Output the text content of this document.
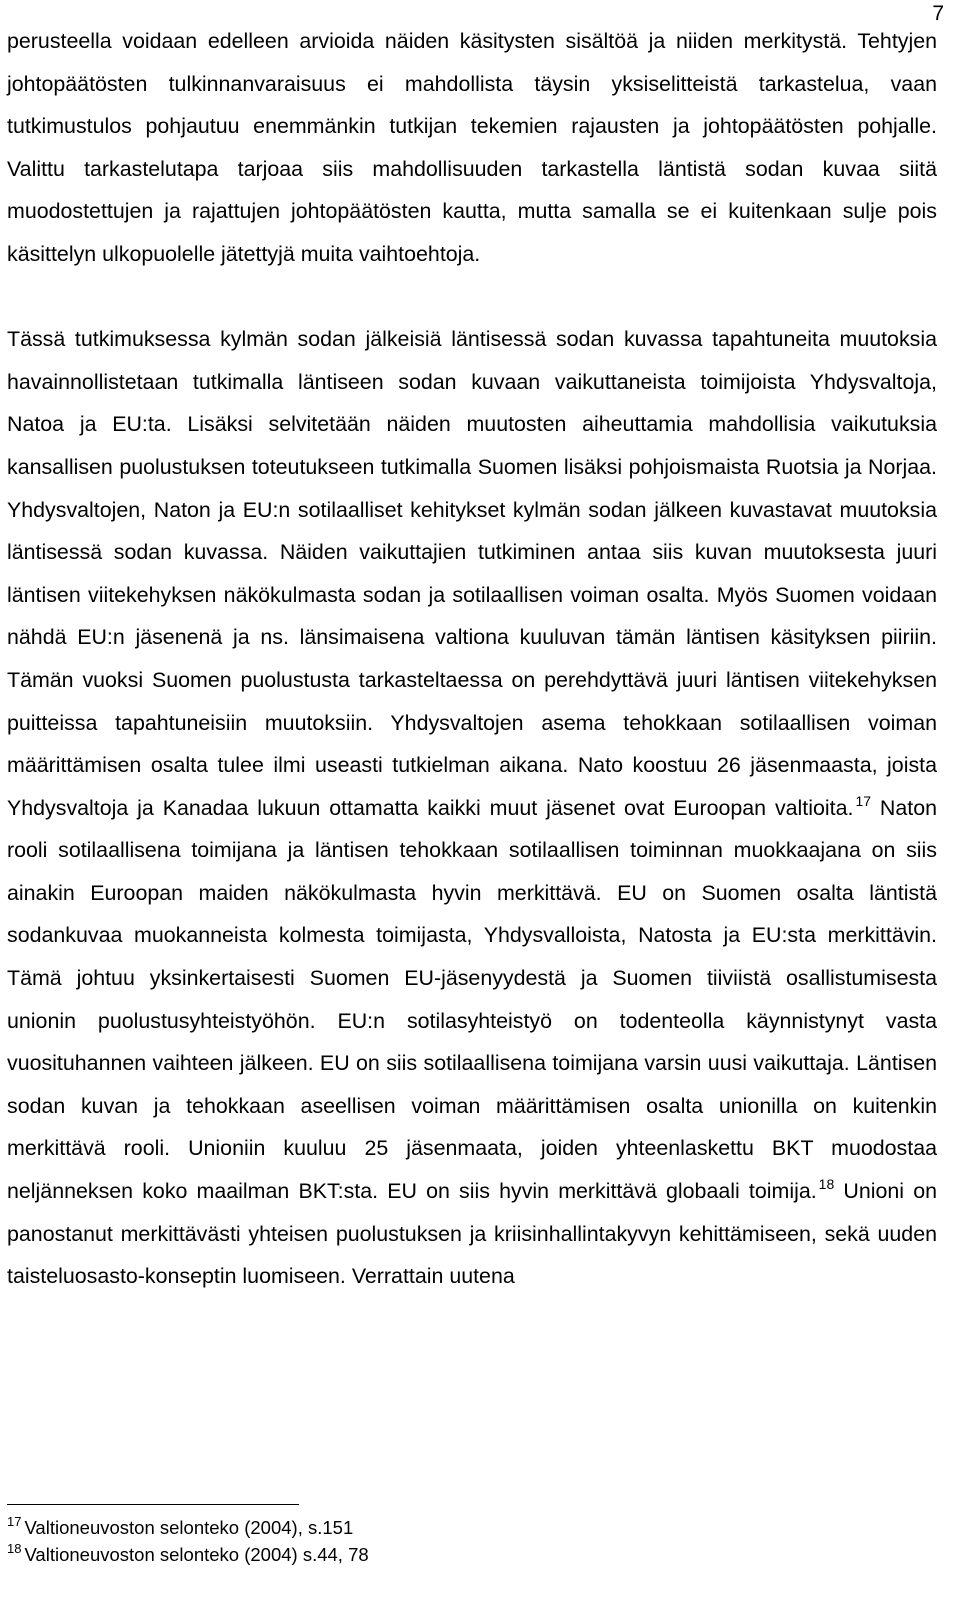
7

perusteella voidaan edelleen arvioida näiden käsitysten sisältöä ja niiden merkitystä. Tehtyjen johtopäätösten tulkinnanvaraisuus ei mahdollista täysin yksiselitteistä tarkastelua, vaan tutkimustulos pohjautuu enemmänkin tutkijan tekemien rajausten ja johtopäätösten pohjalle. Valittu tarkastelutapa tarjoaa siis mahdollisuuden tarkastella läntistä sodan kuvaa siitä muodostettujen ja rajattujen johtopäätösten kautta, mutta samalla se ei kuitenkaan sulje pois käsittelyn ulkopuolelle jätettyjä muita vaihtoehtoja.

Tässä tutkimuksessa kylmän sodan jälkeisiä läntisessä sodan kuvassa tapahtuneita muutoksia havainnollistetaan tutkimalla läntiseen sodan kuvaan vaikuttaneista toimijoista Yhdysvaltoja, Natoa ja EU:ta. Lisäksi selvitetään näiden muutosten aiheuttamia mahdollisia vaikutuksia kansallisen puolustuksen toteutukseen tutkimalla Suomen lisäksi pohjoismaista Ruotsia ja Norjaa. Yhdysvaltojen, Naton ja EU:n sotilaalliset kehitykset kylmän sodan jälkeen kuvastavat muutoksia läntisessä sodan kuvassa. Näiden vaikuttajien tutkiminen antaa siis kuvan muutoksesta juuri läntisen viitekehyksen näkökulmasta sodan ja sotilaallisen voiman osalta. Myös Suomen voidaan nähdä EU:n jäsenenä ja ns. länsimaisena valtiona kuuluvan tämän läntisen käsityksen piiriin. Tämän vuoksi Suomen puolustusta tarkasteltaessa on perehdyttävä juuri läntisen viitekehyksen puitteissa tapahtuneisiin muutoksiin. Yhdysvaltojen asema tehokkaan sotilaallisen voiman määrittämisen osalta tulee ilmi useasti tutkielman aikana. Nato koostuu 26 jäsenmaasta, joista Yhdysvaltoja ja Kanadaa lukuun ottamatta kaikki muut jäsenet ovat Euroopan valtioita. $^{17}$ Naton rooli sotilaallisena toimijana ja läntisen tehokkaan sotilaallisen toiminnan muokkaajana on siis ainakin Euroopan maiden näkökulmasta hyvin merkittävä. EU on Suomen osalta läntistä sodankuvaa muokanneista kolmesta toimijasta, Yhdysvalloista, Natosta ja EU:sta merkittävin. Tämä johtuu yksinkertaisesti Suomen EU-jäsenyydestä ja Suomen tiiviistä osallistumisesta unionin puolustusyhteistyöhön. EU:n sotilasyhteistyö on todenteolla käynnistynyt vasta vuosituhannen vaihteen jälkeen. EU on siis sotilaallisena toimijana varsin uusi vaikuttaja. Läntisen sodan kuvan ja tehokkaan aseellisen voiman määrittämisen osalta unionilla on kuitenkin merkittävä rooli. Unioniin kuuluu 25 jäsenmaata, joiden yhteenlaskettu BKT muodostaa neljänneksen koko maailman BKT:sta. EU on siis hyvin merkittävä globaali toimija. $^{18}$ Unioni on panostanut merkittävästi yhteisen puolustuksen ja kriisinhallintakyvyn kehittämiseen, sekä uuden taisteluosasto-konseptin luomiseen. Verrattain uutena

$^{17}$ Valtioneuvoston selonteko (2004), s.151
$^{18}$ Valtioneuvoston selonteko (2004) s.44, 78
